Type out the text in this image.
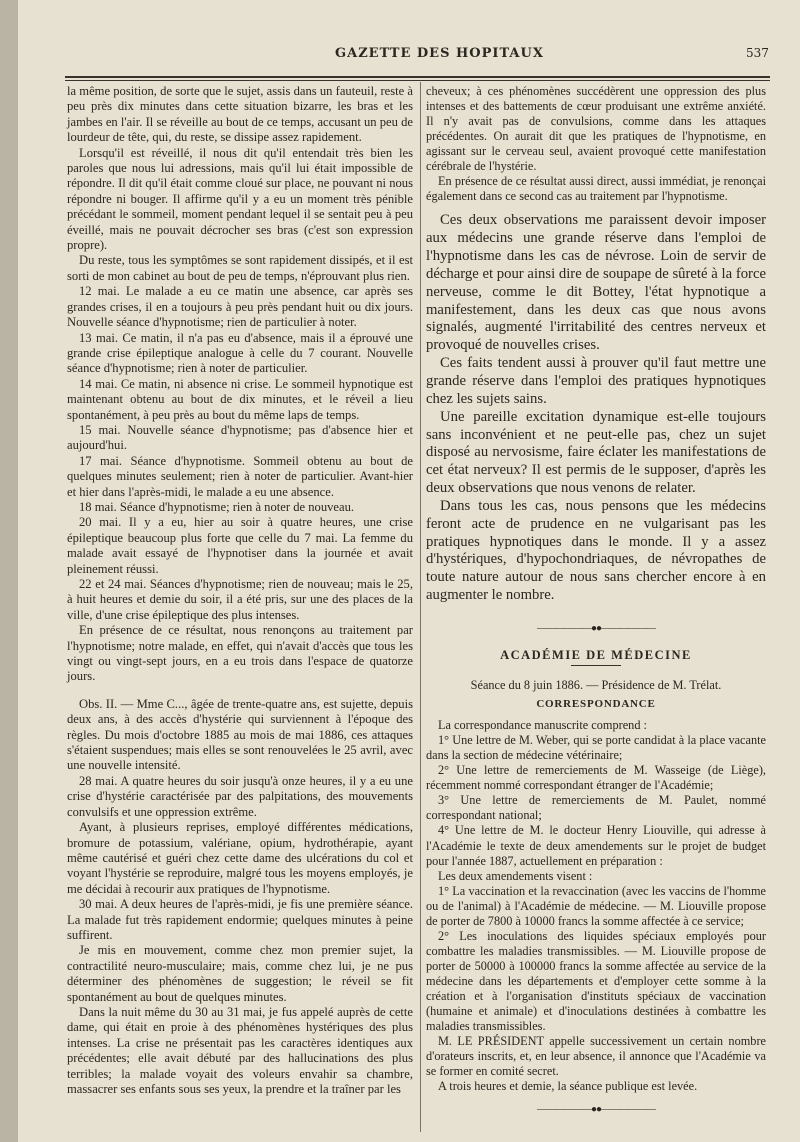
GAZETTE DES HOPITAUX	537

la même position, de sorte que le sujet, assis dans un fauteuil, reste à peu près dix minutes dans cette situation bizarre, les bras et les jambes en l'air. Il se réveille au bout de ce temps, accusant un peu de lourdeur de tête, qui, du reste, se dissipe assez rapidement.

Lorsqu'il est réveillé, il nous dit qu'il entendait très bien les paroles que nous lui adressions, mais qu'il lui était impossible de répondre. Il dit qu'il était comme cloué sur place, ne pouvant ni nous répondre ni bouger. Il affirme qu'il y a eu un moment très pénible précédant le sommeil, moment pendant lequel il se sentait peu à peu éveillé, mais ne pouvait décrocher ses bras (c'est son expression propre).

Du reste, tous les symptômes se sont rapidement dissipés, et il est sorti de mon cabinet au bout de peu de temps, n'éprouvant plus rien.

12 mai. Le malade a eu ce matin une absence, car après ses grandes crises, il en a toujours à peu près pendant huit ou dix jours. Nouvelle séance d'hypnotisme; rien de particulier à noter.

13 mai. Ce matin, il n'a pas eu d'absence, mais il a éprouvé une grande crise épileptique analogue à celle du 7 courant. Nouvelle séance d'hypnotisme; rien à noter de particulier.

14 mai. Ce matin, ni absence ni crise. Le sommeil hypnotique est maintenant obtenu au bout de dix minutes, et le réveil a lieu spontanément, à peu près au bout du même laps de temps.

15 mai. Nouvelle séance d'hypnotisme; pas d'absence hier et aujourd'hui.

17 mai. Séance d'hypnotisme. Sommeil obtenu au bout de quelques minutes seulement; rien à noter de particulier. Avant-hier et hier dans l'après-midi, le malade a eu une absence.

18 mai. Séance d'hypnotisme; rien à noter de nouveau.

20 mai. Il y a eu, hier au soir à quatre heures, une crise épileptique beaucoup plus forte que celle du 7 mai. La femme du malade avait essayé de l'hypnotiser dans la journée et avait pleinement réussi.

22 et 24 mai. Séances d'hypnotisme; rien de nouveau; mais le 25, à huit heures et demie du soir, il a été pris, sur une des places de la ville, d'une crise épileptique des plus intenses.

En présence de ce résultat, nous renonçons au traitement par l'hypnotisme; notre malade, en effet, qui n'avait d'accès que tous les vingt ou vingt-sept jours, en a eu trois dans l'espace de quatorze jours.

Obs. II. — Mme C..., âgée de trente-quatre ans, est sujette, depuis deux ans, à des accès d'hystérie qui surviennent à l'époque des règles. Du mois d'octobre 1885 au mois de mai 1886, ces attaques s'étaient suspendues; mais elles se sont renouvelées le 25 avril, avec une nouvelle intensité.

28 mai. A quatre heures du soir jusqu'à onze heures, il y a eu une crise d'hystérie caractérisée par des palpitations, des mouvements convulsifs et une oppression extrême.

Ayant, à plusieurs reprises, employé différentes médications, bromure de potassium, valériane, opium, hydrothérapie, ayant même cautérisé et guéri chez cette dame des ulcérations du col et voyant l'hystérie se reproduire, malgré tous les moyens employés, je me décidai à recourir aux pratiques de l'hypnotisme.

30 mai. A deux heures de l'après-midi, je fis une première séance. La malade fut très rapidement endormie; quelques minutes à peine suffirent.

Je mis en mouvement, comme chez mon premier sujet, la contractilité neuro-musculaire; mais, comme chez lui, je ne pus déterminer des phénomènes de suggestion; le réveil se fit spontanément au bout de quelques minutes.

Dans la nuit même du 30 au 31 mai, je fus appelé auprès de cette dame, qui était en proie à des phénomènes hystériques des plus intenses. La crise ne présentait pas les caractères identiques aux précédentes; elle avait débuté par des hallucinations des plus terribles; la malade voyait des voleurs envahir sa chambre, massacrer ses enfants sous ses yeux, la prendre et la traîner par les

cheveux; à ces phénomènes succédèrent une oppression des plus intenses et des battements de cœur produisant une extrême anxiété. Il n'y avait pas de convulsions, comme dans les attaques précédentes. On aurait dit que les pratiques de l'hypnotisme, en agissant sur le cerveau seul, avaient provoqué cette manifestation cérébrale de l'hystérie.

En présence de ce résultat aussi direct, aussi immédiat, je renonçai également dans ce second cas au traitement par l'hypnotisme.

Ces deux observations me paraissent devoir imposer aux médecins une grande réserve dans l'emploi de l'hypnotisme dans les cas de névrose. Loin de servir de décharge et pour ainsi dire de soupape de sûreté à la force nerveuse, comme le dit Bottey, l'état hypnotique a manifestement, dans les deux cas que nous avons signalés, augmenté l'irritabilité des centres nerveux et provoqué de nouvelles crises.

Ces faits tendent aussi à prouver qu'il faut mettre une grande réserve dans l'emploi des pratiques hypnotiques chez les sujets sains.

Une pareille excitation dynamique est-elle toujours sans inconvénient et ne peut-elle pas, chez un sujet disposé au nervosisme, faire éclater les manifestations de cet état nerveux? Il est permis de le supposer, d'après les deux observations que nous venons de relater.

Dans tous les cas, nous pensons que les médecins feront acte de prudence en ne vulgarisant pas les pratiques hypnotiques dans le monde. Il y a assez d'hystériques, d'hypochondriaques, de névropathes de toute nature autour de nous sans chercher encore à en augmenter le nombre.

——————●●——————
ACADÉMIE DE MÉDECINE
Séance du 8 juin 1886. — Présidence de M. Trélat.
CORRESPONDANCE

La correspondance manuscrite comprend :

1° Une lettre de M. Weber, qui se porte candidat à la place vacante dans la section de médecine vétérinaire;

2° Une lettre de remerciements de M. Wasseige (de Liège), récemment nommé correspondant étranger de l'Académie;

3° Une lettre de remerciements de M. Paulet, nommé correspondant national;

4° Une lettre de M. le docteur Henry Liouville, qui adresse à l'Académie le texte de deux amendements sur le projet de budget pour l'année 1887, actuellement en préparation :

Les deux amendements visent :

1° La vaccination et la revaccination (avec les vaccins de l'homme ou de l'animal) à l'Académie de médecine. — M. Liouville propose de porter de 7800 à 10000 francs la somme affectée à ce service;

2° Les inoculations des liquides spéciaux employés pour combattre les maladies transmissibles. — M. Liouville propose de porter de 50000 à 100000 francs la somme affectée au service de la médecine dans les départements et d'employer cette somme à la création et à l'organisation d'instituts spéciaux de vaccination (humaine et animale) et d'inoculations destinées à combattre les maladies transmissibles.

M. LE PRÉSIDENT appelle successivement un certain nombre d'orateurs inscrits, et, en leur absence, il annonce que l'Académie va se former en comité secret.

A trois heures et demie, la séance publique est levée.

——————●●——————
